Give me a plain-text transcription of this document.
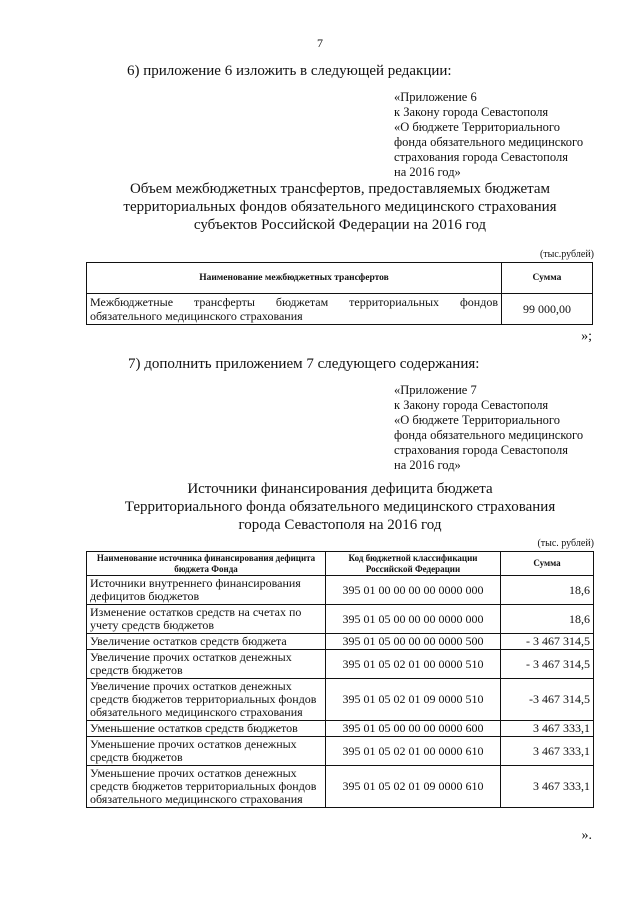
7
6) приложение 6 изложить в следующей редакции:
«Приложение 6
к Закону города Севастополя
«О бюджете Территориального
фонда обязательного медицинского
страхования города Севастополя
на 2016 год»
Объем межбюджетных трансфертов, предоставляемых бюджетам
территориальных фондов обязательного медицинского страхования
субъектов Российской Федерации на 2016 год
(тыс.рублей)
Наименование межбюджетных трансфертов	Сумма
Межбюджетные трансферты бюджетам территориальных фондов обязательного медицинского страхования	99 000,00
»;
7) дополнить приложением 7 следующего содержания:
«Приложение 7
к Закону города Севастополя
«О бюджете Территориального
фонда обязательного медицинского
страхования города Севастополя
на 2016 год»
Источники финансирования дефицита бюджета
Территориального фонда обязательного медицинского страхования
города Севастополя на 2016 год
(тыс. рублей)
Наименование источника финансирования дефицита бюджета Фонда	Код бюджетной классификации Российской Федерации	Сумма
Источники внутреннего финансирования дефицитов бюджетов	395 01 00 00 00 00 0000 000	18,6
Изменение остатков средств на счетах по учету средств бюджетов	395 01 05 00 00 00 0000 000	18,6
Увеличение остатков средств бюджета	395 01 05 00 00 00 0000 500	- 3 467 314,5
Увеличение прочих остатков денежных средств бюджетов	395 01 05 02 01 00 0000 510	- 3 467 314,5
Увеличение прочих остатков денежных средств бюджетов территориальных фондов обязательного медицинского страхования	395 01 05 02 01 09 0000 510	-3 467 314,5
Уменьшение остатков средств бюджетов	395 01 05 00 00 00 0000 600	3 467 333,1
Уменьшение прочих остатков денежных средств бюджетов	395 01 05 02 01 00 0000 610	3 467 333,1
Уменьшение прочих остатков денежных средств бюджетов территориальных фондов обязательного медицинского страхования	395 01 05 02 01 09 0000 610	3 467 333,1
».
